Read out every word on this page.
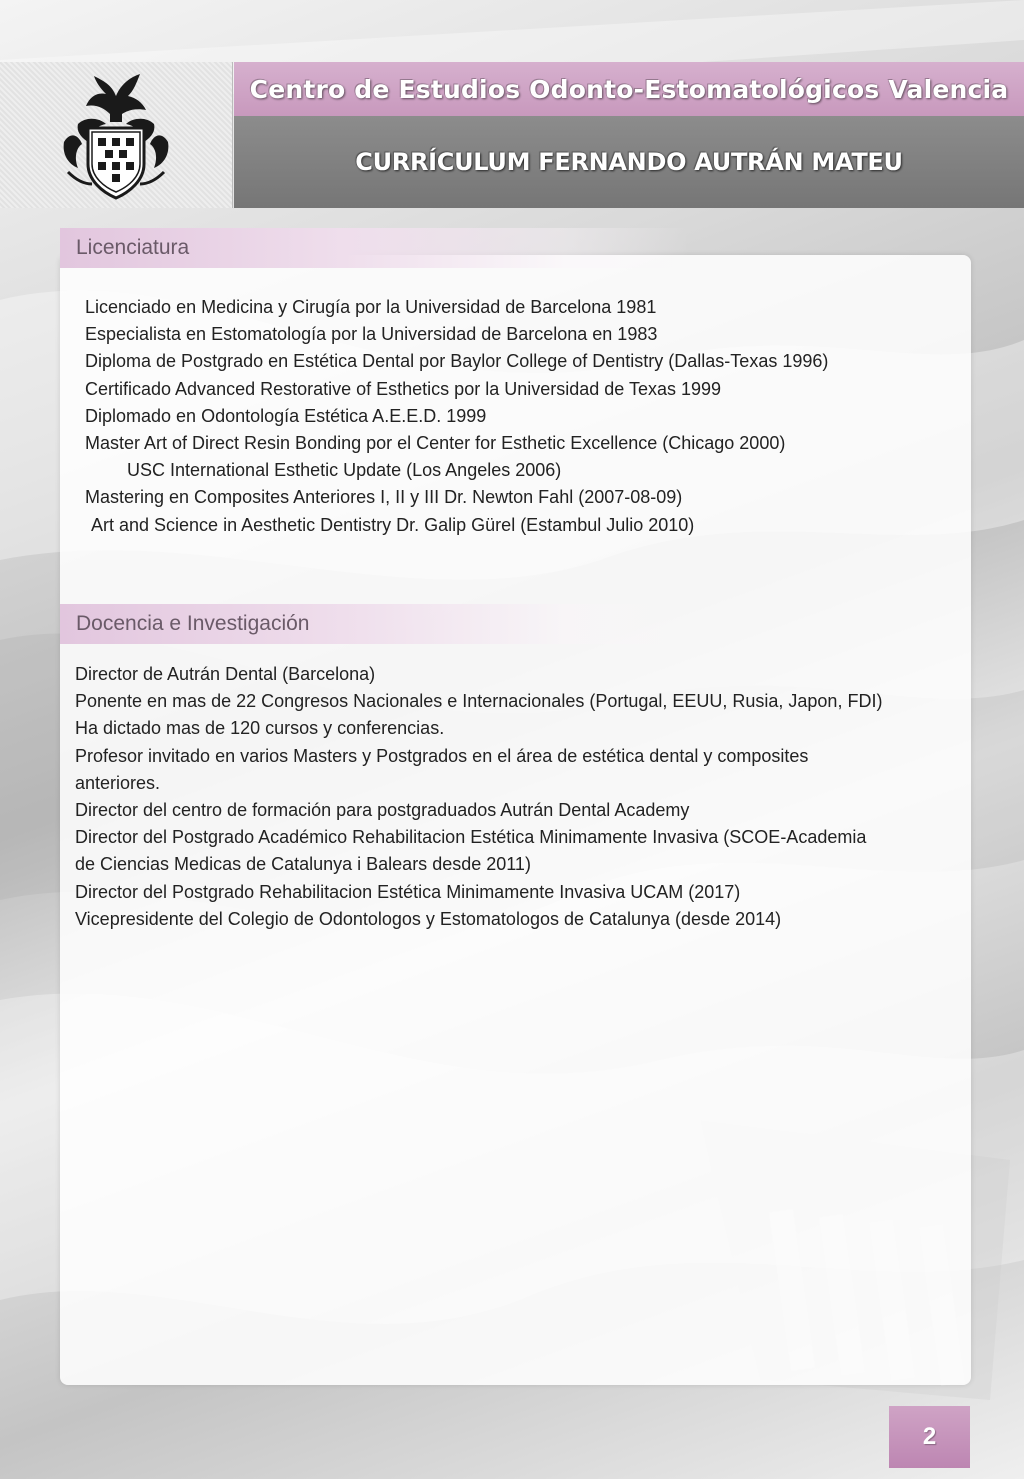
Centro de Estudios Odonto-Estomatológicos Valencia
CURRÍCULUM FERNANDO AUTRÁN MATEU
Licenciatura
Licenciado en Medicina y Cirugía por la Universidad de Barcelona 1981
Especialista en Estomatología por la Universidad de Barcelona en 1983
Diploma de Postgrado en Estética Dental por Baylor College of Dentistry (Dallas-Texas 1996)
Certificado Advanced Restorative of Esthetics por la Universidad de Texas 1999
Diplomado en Odontología Estética A.E.E.D. 1999
Master Art of Direct Resin Bonding por el Center for Esthetic Excellence (Chicago 2000)
USC International Esthetic Update (Los Angeles 2006)
Mastering en Composites Anteriores I, II y III Dr. Newton Fahl (2007-08-09)
Art and Science in Aesthetic Dentistry Dr. Galip Gürel (Estambul Julio 2010)
Docencia e Investigación
Director de Autrán Dental (Barcelona)
Ponente en mas de 22 Congresos Nacionales e Internacionales (Portugal, EEUU, Rusia, Japon, FDI)
Ha dictado mas de 120 cursos y conferencias.
Profesor invitado en varios Masters y Postgrados en el área de estética dental y composites anteriores.
Director del centro de formación para postgraduados Autrán Dental Academy
Director del Postgrado Académico Rehabilitacion Estética Minimamente Invasiva (SCOE-Academia de Ciencias Medicas de Catalunya i Balears desde 2011)
Director del Postgrado Rehabilitacion Estética Minimamente Invasiva UCAM (2017)
Vicepresidente del Colegio de Odontologos y Estomatologos de Catalunya (desde 2014)
2
